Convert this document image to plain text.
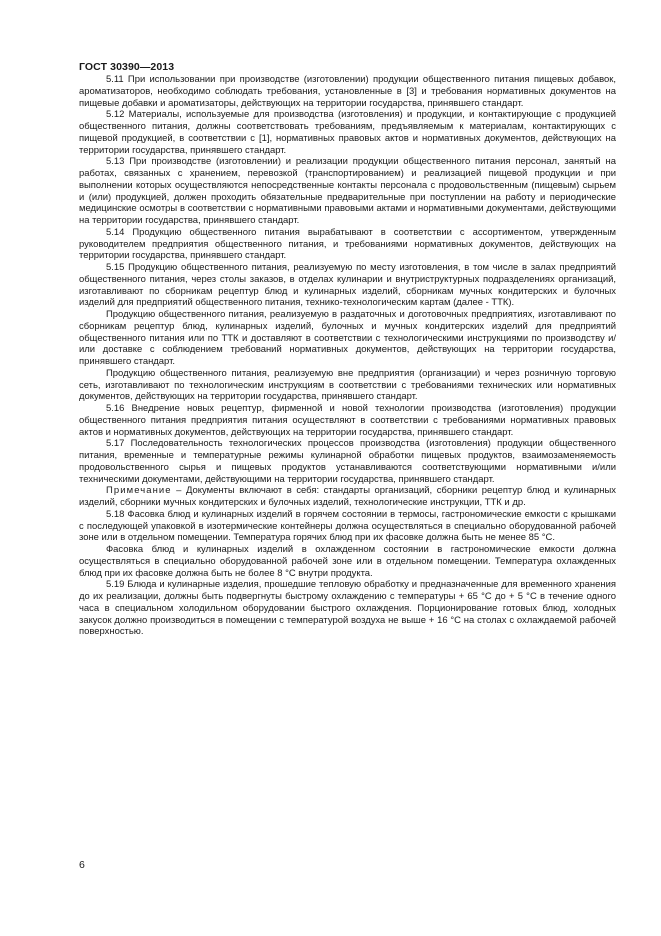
ГОСТ 30390—2013

5.11 При использовании при производстве (изготовлении) продукции общественного питания пищевых добавок, ароматизаторов, необходимо соблюдать требования, установленные в [3] и требования нормативных документов на пищевые добавки и ароматизаторы, действующих на территории государства, принявшего стандарт.

5.12 Материалы, используемые для производства (изготовления) и продукции, и контактирующие с продукцией общественного питания, должны соответствовать требованиям, предъявляемым к материалам, контактирующих с пищевой продукцией, в соответствии с [1], нормативных правовых актов и нормативных документов, действующих на территории государства, принявшего стандарт.

5.13 При производстве (изготовлении) и реализации продукции общественного питания персонал, занятый на работах, связанных с хранением, перевозкой (транспортированием) и реализацией пищевой продукции и при выполнении которых осуществляются непосредственные контакты персонала с продовольственным (пищевым) сырьем и (или) продукцией, должен проходить обязательные предварительные при поступлении на работу и периодические медицинские осмотры в соответствии с нормативными правовыми актами и нормативными документами, действующими на территории государства, принявшего стандарт.

5.14 Продукцию общественного питания вырабатывают в соответствии с ассортиментом, утвержденным руководителем предприятия общественного питания, и требованиями нормативных документов, действующих на территории государства, принявшего стандарт.

5.15 Продукцию общественного питания, реализуемую по месту изготовления, в том числе в залах предприятий общественного питания, через столы заказов, в отделах кулинарии и внутриструктурных подразделениях организаций, изготавливают по сборникам рецептур блюд и кулинарных изделий, сборникам мучных кондитерских и булочных изделий для предприятий общественного питания, технико-технологическим картам (далее - ТТК).

Продукцию общественного питания, реализуемую в раздаточных и доготовочных предприятиях, изготавливают по сборникам рецептур блюд, кулинарных изделий, булочных и мучных кондитерских изделий для предприятий общественного питания или по ТТК и доставляют в соответствии с технологическими инструкциями по производству и/или доставке с соблюдением требований нормативных документов, действующих на территории государства, принявшего стандарт.

Продукцию общественного питания, реализуемую вне предприятия (организации) и через розничную торговую сеть, изготавливают по технологическим инструкциям в соответствии с требованиями технических или нормативных документов, действующих на территории государства, принявшего стандарт.

5.16 Внедрение новых рецептур, фирменной и новой технологии производства (изготовления) продукции общественного питания предприятия питания осуществляют в соответствии с требованиями нормативных правовых актов и нормативных документов, действующих на территории государства, принявшего стандарт.

5.17 Последовательность технологических процессов производства (изготовления) продукции общественного питания, временные и температурные режимы кулинарной обработки пищевых продуктов, взаимозаменяемость продовольственного сырья и пищевых продуктов устанавливаются соответствующими нормативными и/или техническими документами, действующими на территории государства, принявшего стандарт.

Примечание – Документы включают в себя: стандарты организаций, сборники рецептур блюд и кулинарных изделий, сборники мучных кондитерских и булочных изделий, технологические инструкции, ТТК и др.

5.18 Фасовка блюд и кулинарных изделий в горячем состоянии в термосы, гастрономические емкости с крышками с последующей упаковкой в изотермические контейнеры должна осуществляться в специально оборудованной рабочей зоне или в отдельном помещении. Температура горячих блюд при их фасовке должна быть не менее 85 °С.

Фасовка блюд и кулинарных изделий в охлажденном состоянии в гастрономические емкости должна осуществляться в специально оборудованной рабочей зоне или в отдельном помещении. Температура охлажденных блюд при их фасовке должна быть не более 8 °С внутри продукта.

5.19 Блюда и кулинарные изделия, прошедшие тепловую обработку и предназначенные для временного хранения до их реализации, должны быть подвергнуты быстрому охлаждению с температуры + 65 °С до + 5 °С в течение одного часа в специальном холодильном оборудовании быстрого охлаждения. Порционирование готовых блюд, холодных закусок должно производиться в помещении с температурой воздуха не выше + 16 °С на столах с охлаждаемой рабочей поверхностью.

6
